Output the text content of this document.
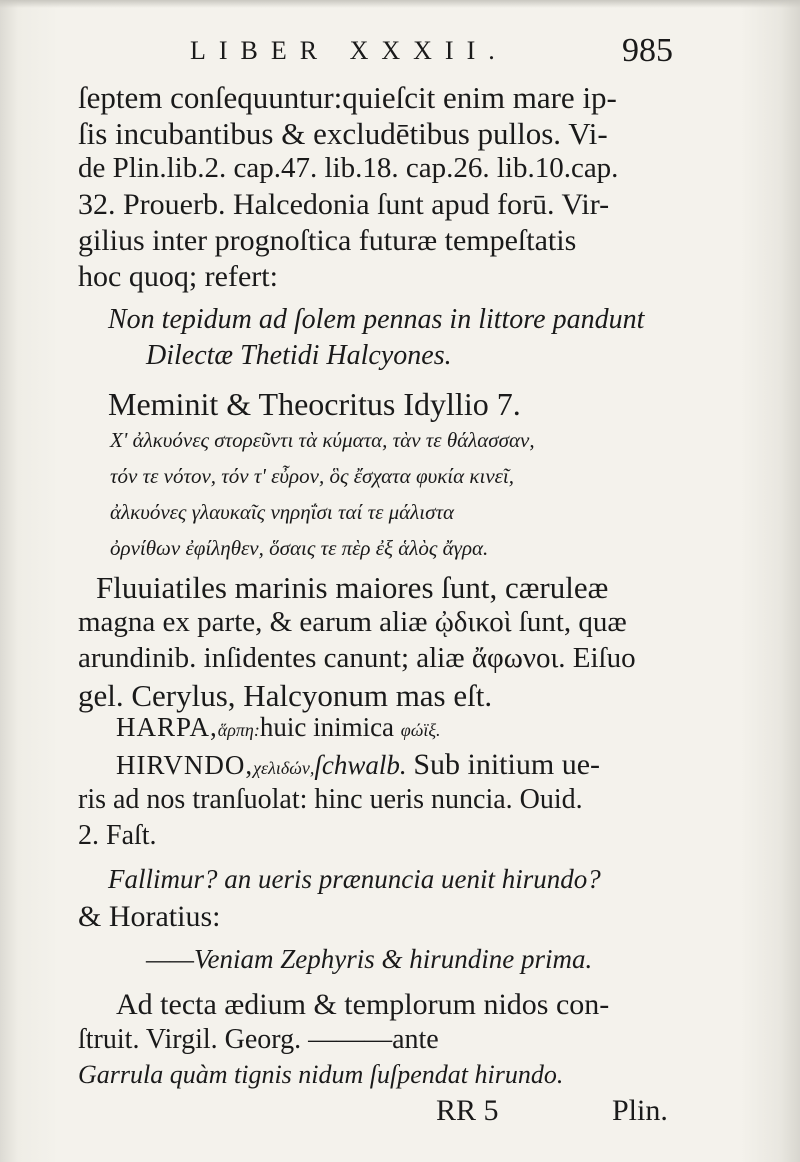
LIBER XXXII.	985
ſeptem conſequuntur:quieſcit enim mare ip-
ſis incubantibus & excludētibus pullos. Vi-
de Plin.lib.2. cap.47. lib.18. cap.26. lib.10.cap.
32. Prouerb. Halcedonia ſunt apud forū. Vir-
gilius inter prognoſtica futuræ tempeſtatis
hoc quoq; refert:
Non tepidum ad ſolem pennas in littore pandunt
Dilectæ Thetidi Halcyones.
Meminit & Theocritus Idyllio 7.
Χ' ἀλκυόνες στορεῦντι τὰ κύματα, τὰν τε θάλασσαν,
τόν τε νότον, τόν τ' εὖρον, ὃς ἔσχατα φυκία κινεῖ,
ἀλκυόνες γλαυκαῖς νηρηΐσι ταί τε μάλιστα
ὀρνίθων ἐφίληθεν, ὅσαις τε πὲρ ἐξ ἁλὸς ἄγρα.
Fluuiatiles marinis maiores ſunt, cæruleæ
magna ex parte, & earum aliæ ᾠδικοὶ ſunt, quæ
arundinib. inſidentes canunt; aliæ ἄφωνοι. Eiſuo
gel. Cerylus, Halcyonum mas eſt.
HARPA,ἅρπη:huic inimica φώϊξ.
HIRVNDO,χελιδών,ſchwalb. Sub initium ue-
ris ad nos tranſuolat: hinc ueris nuncia. Ouid.
2. Faſt.
Fallimur? an ueris prænuncia uenit hirundo?
& Horatius:
——Veniam Zephyris & hirundine prima.
Ad tecta ædium & templorum nidos con-
ſtruit. Virgil. Georg. ———ante
Garrula quàm tignis nidum ſuſpendat hirundo.
RR 5	Plin.
